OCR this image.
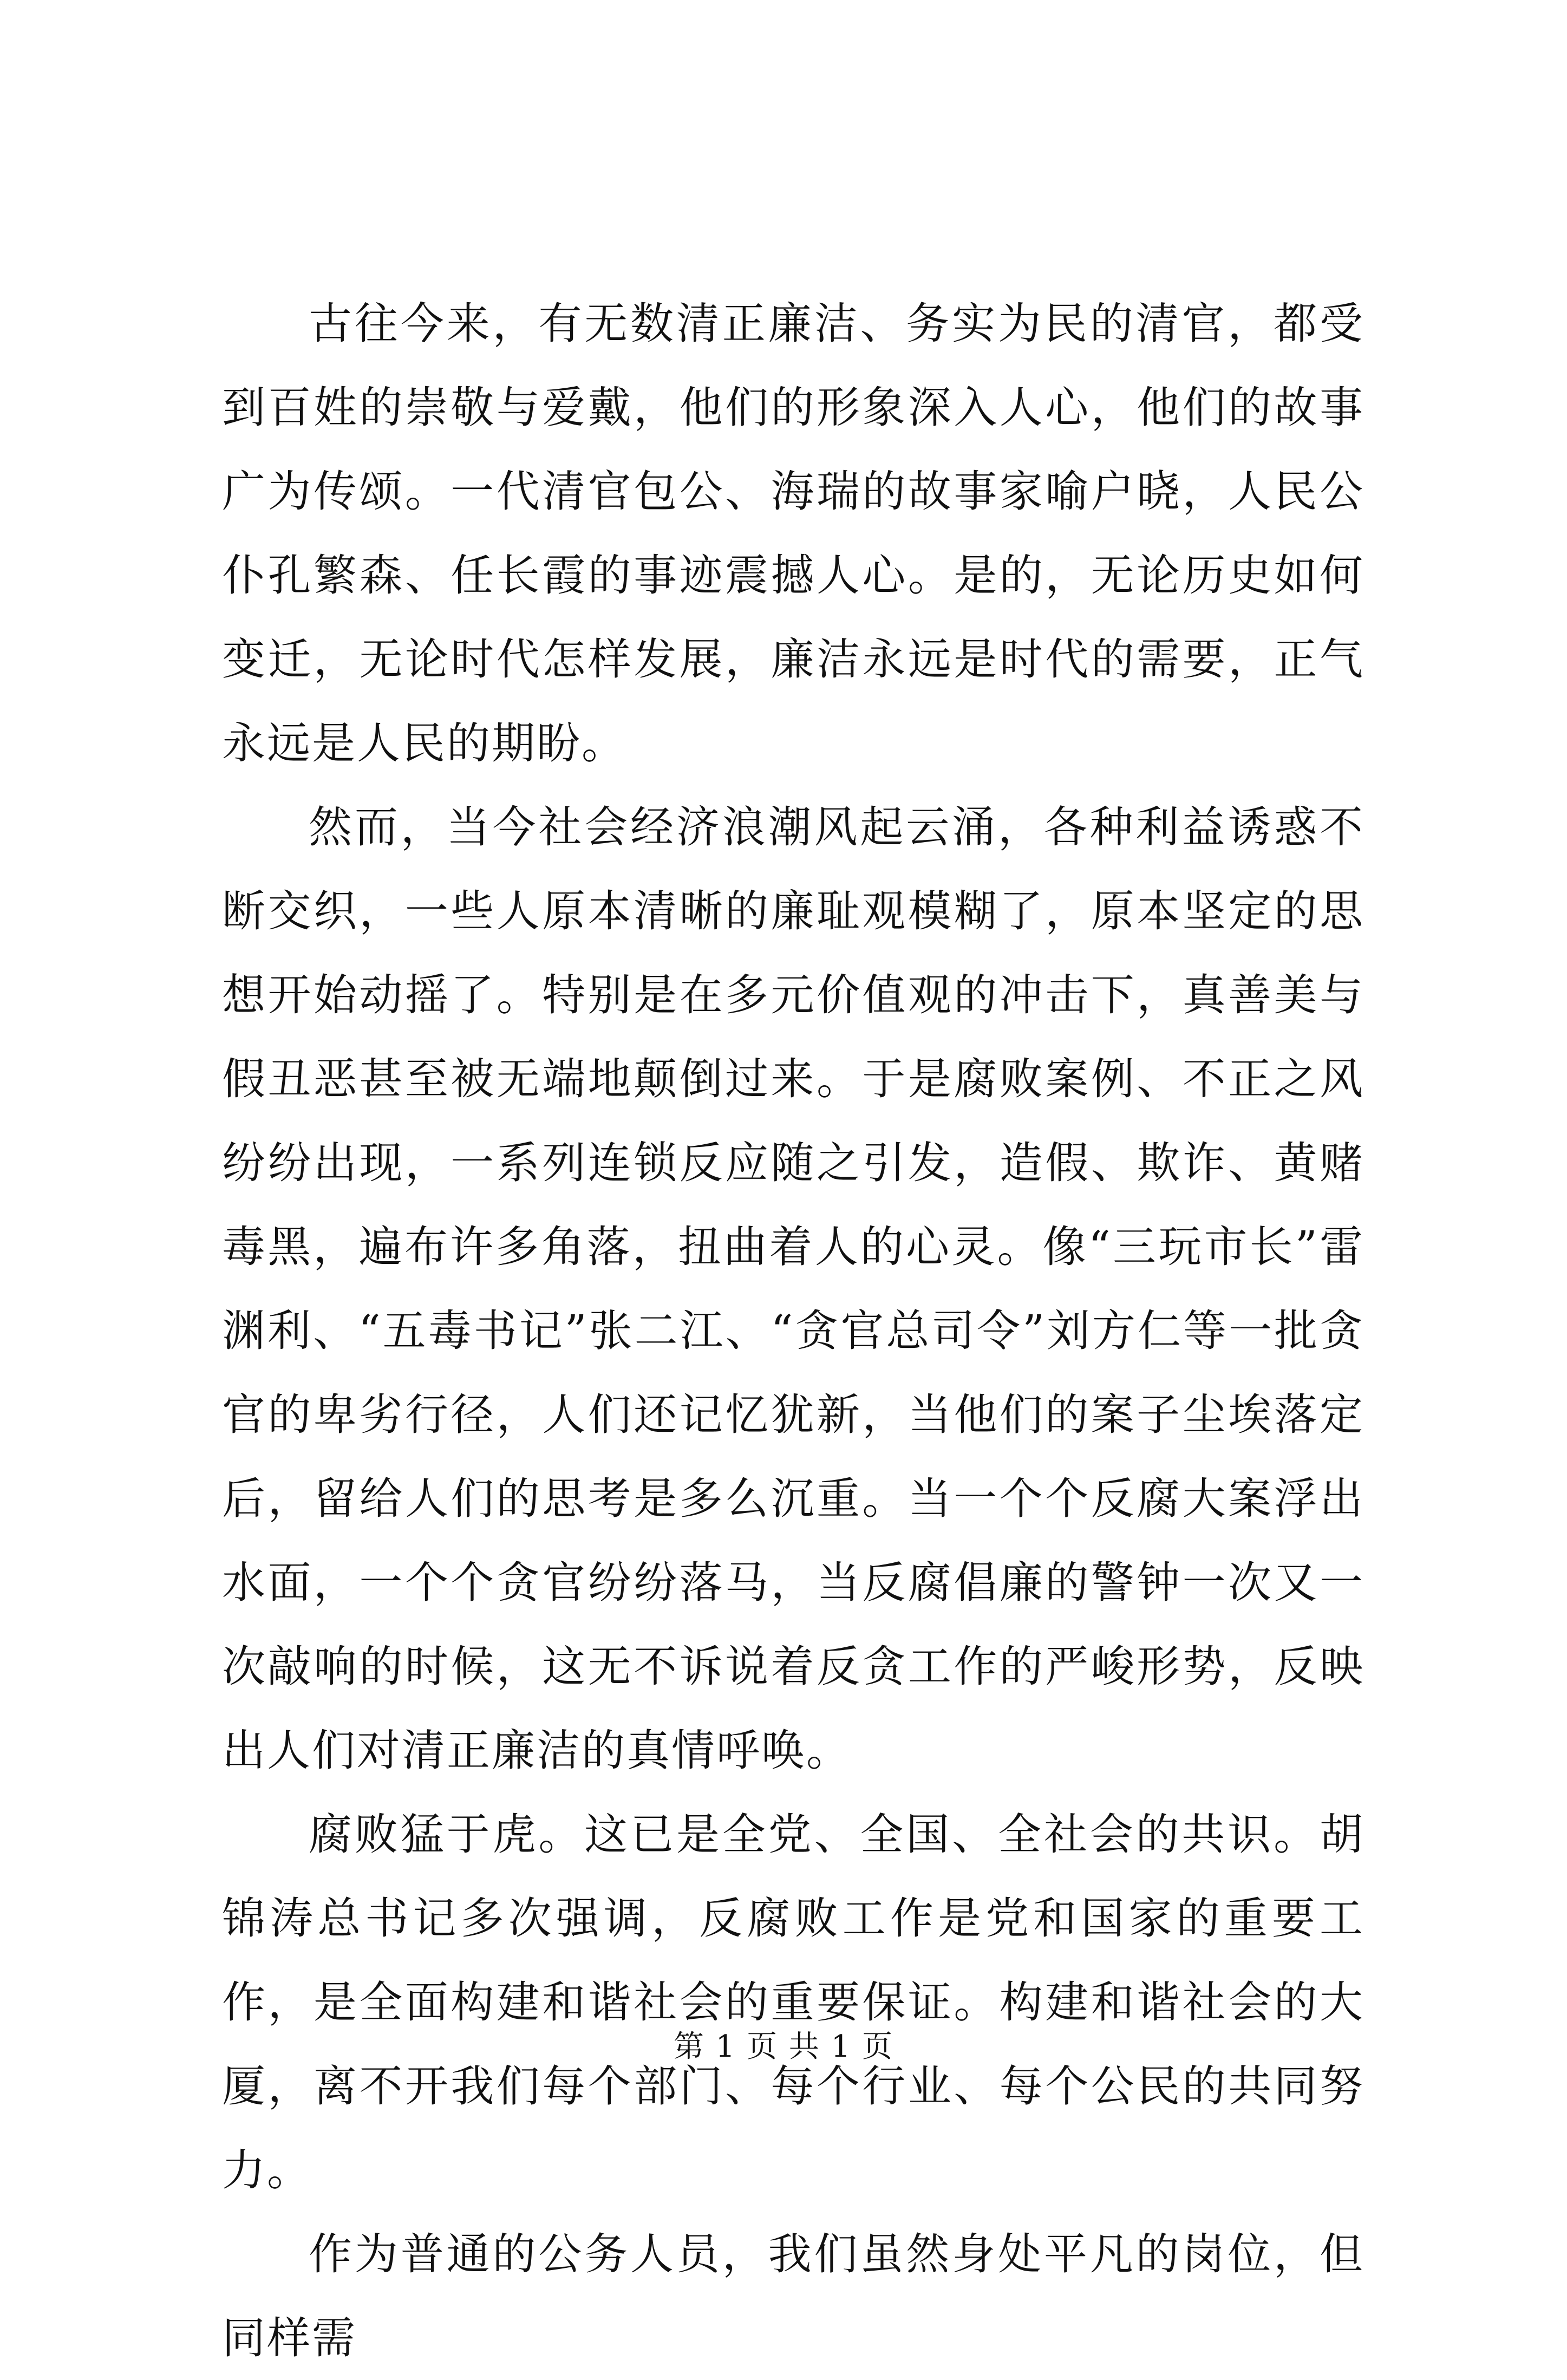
古往今来，有无数清正廉洁、务实为民的清官，都受到百姓的崇敬与爱戴，他们的形象深入人心，他们的故事广为传颂。一代清官包公、海瑞的故事家喻户晓，人民公仆孔繁森、任长霞的事迹震撼人心。是的，无论历史如何变迁，无论时代怎样发展，廉洁永远是时代的需要，正气永远是人民的期盼。

然而，当今社会经济浪潮风起云涌，各种利益诱惑不断交织，一些人原本清晰的廉耻观模糊了，原本坚定的思想开始动摇了。特别是在多元价值观的冲击下，真善美与假丑恶甚至被无端地颠倒过来。于是腐败案例、不正之风纷纷出现，一系列连锁反应随之引发，造假、欺诈、黄赌毒黑，遍布许多角落，扭曲着人的心灵。像“三玩市长”雷渊利、“五毒书记”张二江、“贪官总司令”刘方仁等一批贪官的卑劣行径，人们还记忆犹新，当他们的案子尘埃落定后，留给人们的思考是多么沉重。当一个个反腐大案浮出水面，一个个贪官纷纷落马，当反腐倡廉的警钟一次又一次敲响的时候，这无不诉说着反贪工作的严峻形势，反映出人们对清正廉洁的真情呼唤。

腐败猛于虎。这已是全党、全国、全社会的共识。胡锦涛总书记多次强调，反腐败工作是党和国家的重要工作，是全面构建和谐社会的重要保证。构建和谐社会的大厦，离不开我们每个部门、每个行业、每个公民的共同努力。

作为普通的公务人员，我们虽然身处平凡的岗位，但同样需

第 1 页 共 1 页
